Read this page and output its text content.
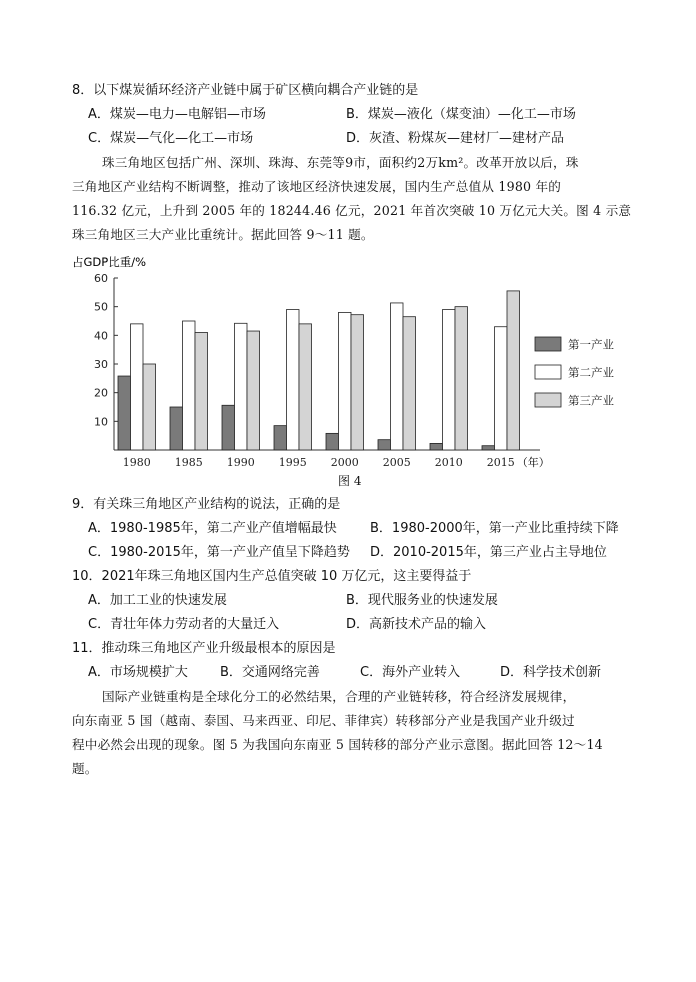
8．以下煤炭循环经济产业链中属于矿区横向耦合产业链的是
A．煤炭—电力—电解铝—市场	B．煤炭—液化（煤变油）—化工—市场
C．煤炭—气化—化工—市场	D．灰渣、粉煤灰—建材厂—建材产品
珠三角地区包括广州、深圳、珠海、东莞等9市，面积约2万km²。改革开放以后，珠
三角地区产业结构不断调整，推动了该地区经济快速发展，国内生产总值从 1980 年的
116.32 亿元，上升到 2005 年的 18244.46 亿元，2021 年首次突破 10 万亿元大关。图 4 示意
珠三角地区三大产业比重统计。据此回答 9～11 题。
占GDP比重/%
10
20
30
40
50
60
1980 1985 1990 1995 2000 2005 2010 2015 （年）
第一产业
第二产业
第三产业
图 4
9．有关珠三角地区产业结构的说法，正确的是
A．1980-1985年，第二产业产值增幅最快	B．1980-2000年，第一产业比重持续下降
C．1980-2015年，第一产业产值呈下降趋势 D．2010-2015年，第三产业占主导地位
10．2021年珠三角地区国内生产总值突破 10 万亿元，这主要得益于
A．加工工业的快速发展	B．现代服务业的快速发展
C．青壮年体力劳动者的大量迁入	D．高新技术产品的输入
11．推动珠三角地区产业升级最根本的原因是
A．市场规模扩大 B．交通网络完善	C．海外产业转入	D．科学技术创新
国际产业链重构是全球化分工的必然结果，合理的产业链转移，符合经济发展规律，
向东南亚 5 国（越南、泰国、马来西亚、印尼、菲律宾）转移部分产业是我国产业升级过
程中必然会出现的现象。图 5 为我国向东南亚 5 国转移的部分产业示意图。据此回答 12～14
题。
